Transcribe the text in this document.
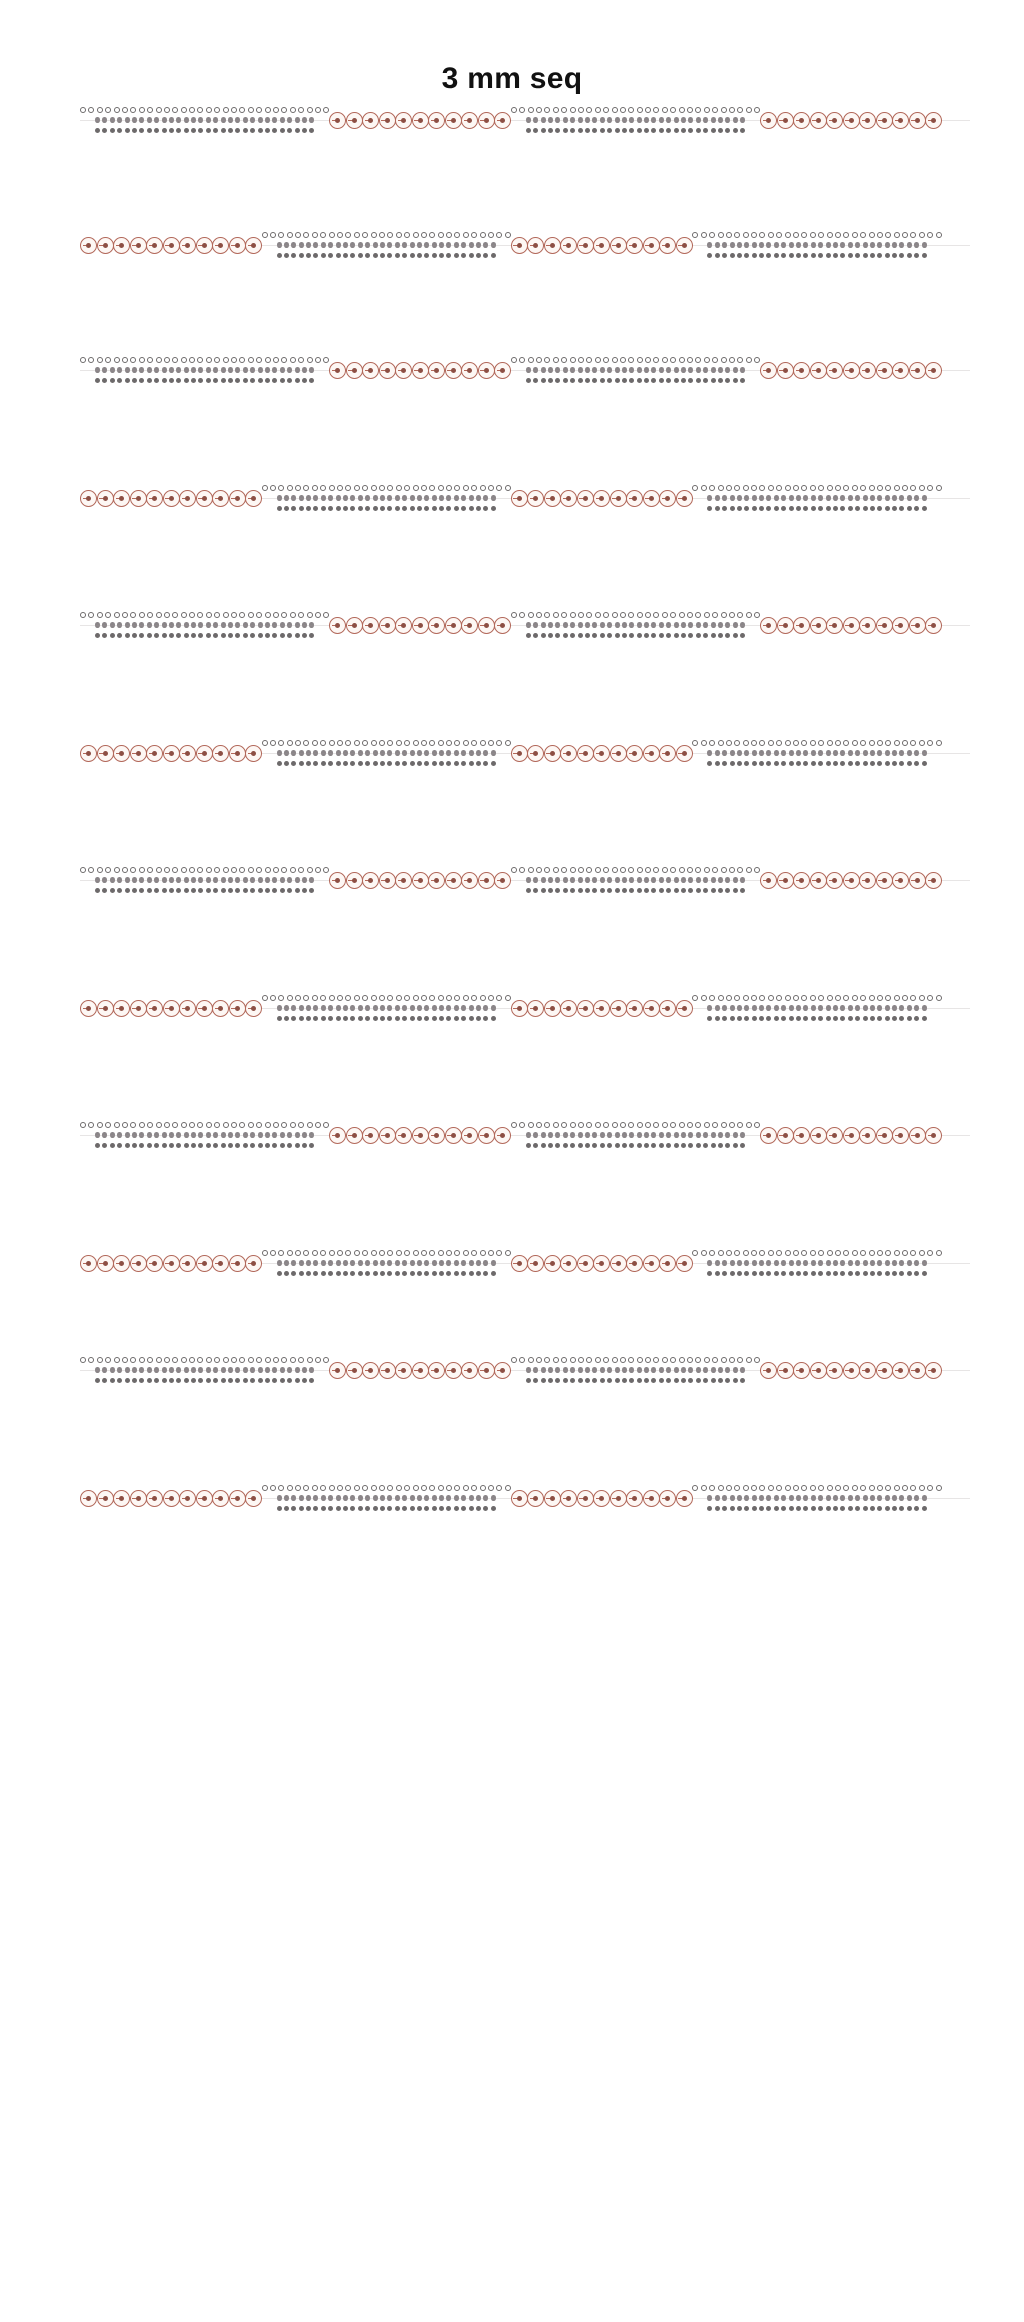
3 mm seq
